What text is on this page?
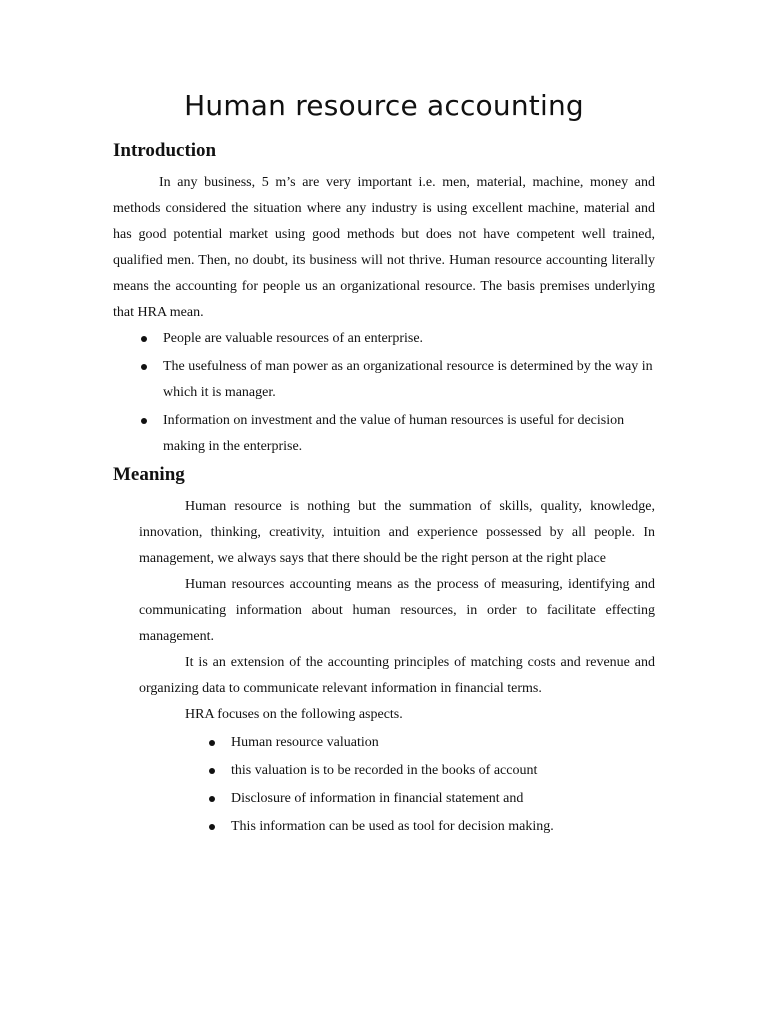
Human resource accounting
Introduction

In any business, 5 m’s are very important i.e. men, material, machine, money and methods considered the situation where any industry is using excellent machine, material and has good potential market using good methods but does not have competent well trained, qualified men. Then, no doubt, its business will not thrive. Human resource accounting literally means the accounting for people us an organizational resource. The basis premises underlying that HRA mean.

People are valuable resources of an enterprise.
The usefulness of man power as an organizational resource is determined by the way in which it is manager.
Information on investment and the value of human resources is useful for decision making in the enterprise.
Meaning

Human resource is nothing but the summation of skills, quality, knowledge, innovation, thinking, creativity, intuition and experience possessed by all people. In management, we always says that there should be the right person at the right place

Human resources accounting means as the process of measuring, identifying and communicating information about human resources, in order to facilitate effecting management.

It is an extension of the accounting principles of matching costs and revenue and organizing data to communicate relevant information in financial terms.

HRA focuses on the following aspects.

Human resource valuation
this valuation is to be recorded in the books of account
Disclosure of information in financial statement and
This information can be used as tool for decision making.
